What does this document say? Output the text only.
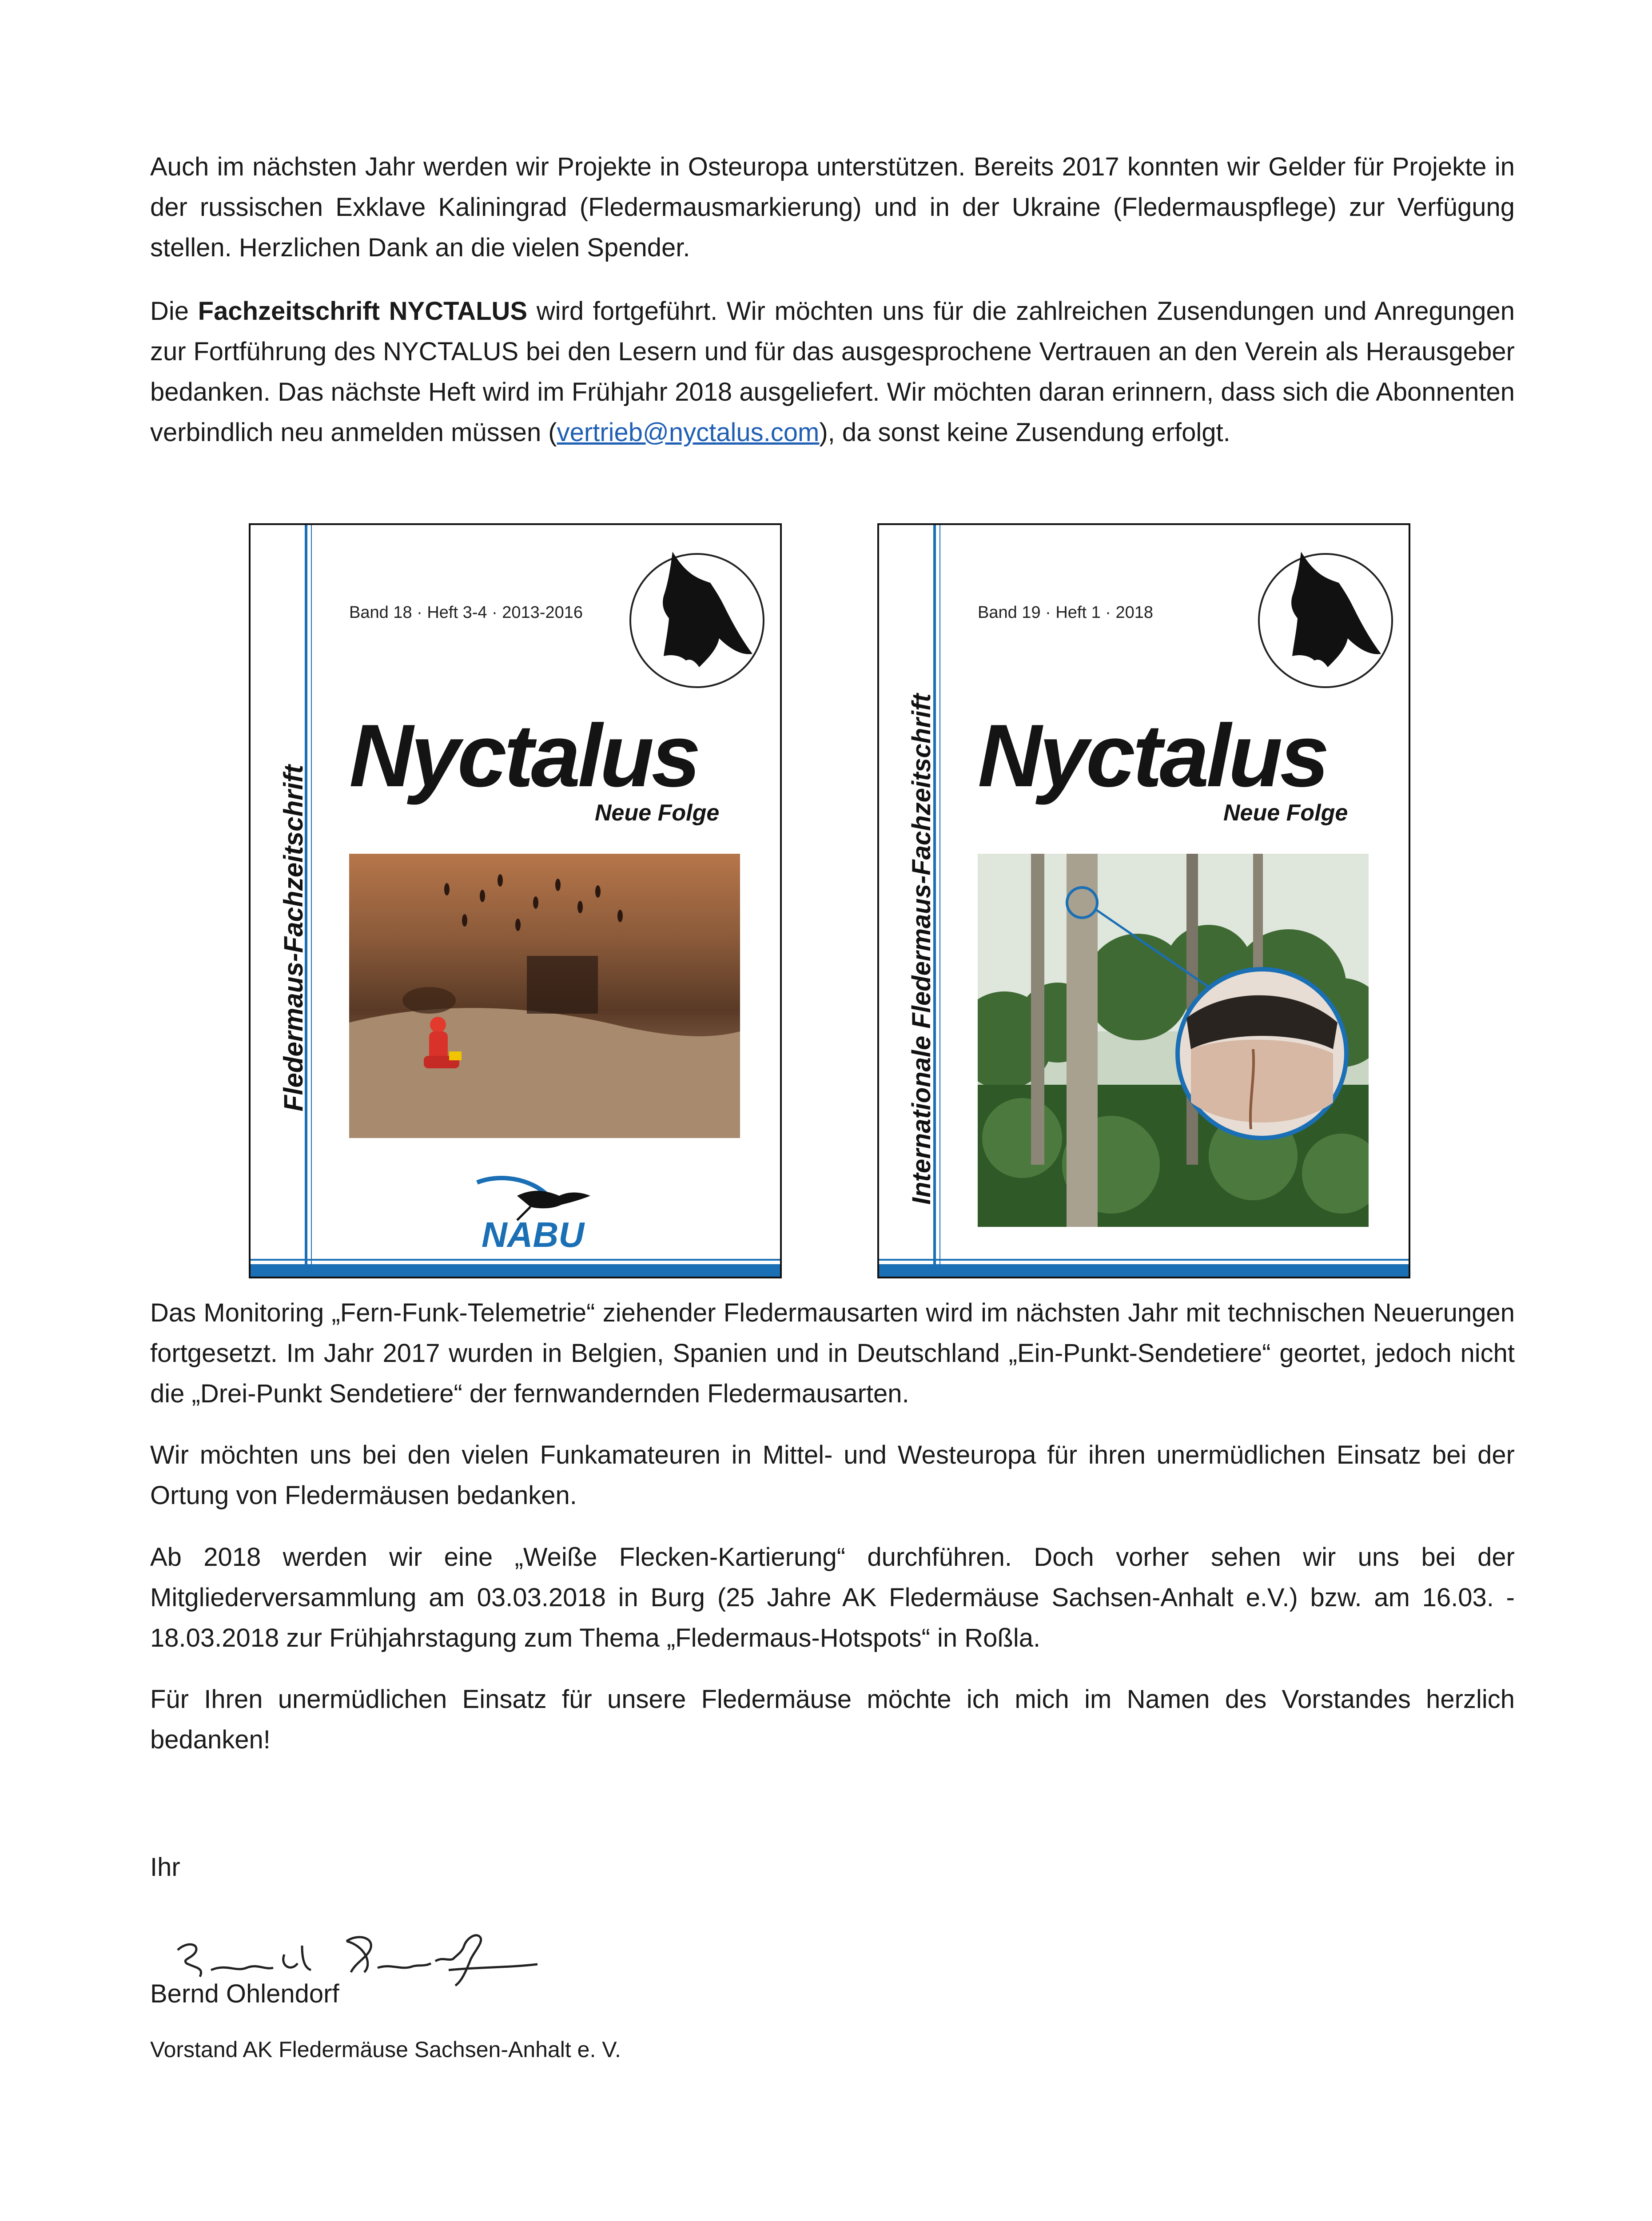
Auch im nächsten Jahr werden wir Projekte in Osteuropa unterstützen. Bereits 2017 konnten wir Gelder für Projekte in der russischen Exklave Kaliningrad (Fledermausmarkierung) und in der Ukraine (Fledermauspflege) zur Verfügung stellen. Herzlichen Dank an die vielen Spender.

Die Fachzeitschrift NYCTALUS wird fortgeführt. Wir möchten uns für die zahlreichen Zusendungen und Anregungen zur Fortführung des NYCTALUS bei den Lesern und für das ausgesprochene Vertrauen an den Verein als Herausgeber bedanken. Das nächste Heft wird im Frühjahr 2018 ausgeliefert. Wir möchten daran erinnern, dass sich die Abonnenten verbindlich neu anmelden müssen (vertrieb@nyctalus.com), da sonst keine Zusendung erfolgt.

Fledermaus-Fachzeitschrift
Band 18 · Heft 3-4 · 2013-2016
Nyctalus
Neue Folge
NABU
Internationale Fledermaus-Fachzeitschrift
Band 19 · Heft 1 · 2018
Nyctalus
Neue Folge

Das Monitoring „Fern-Funk-Telemetrie“ ziehender Fledermausarten wird im nächsten Jahr mit technischen Neuerungen fortgesetzt. Im Jahr 2017 wurden in Belgien, Spanien und in Deutschland „Ein-Punkt-Sendetiere“ geortet, jedoch nicht die „Drei-Punkt Sendetiere“ der fernwandernden Fledermausarten.

Wir möchten uns bei den vielen Funkamateuren in Mittel- und Westeuropa für ihren unermüdlichen Einsatz bei der Ortung von Fledermäusen bedanken.

Ab 2018 werden wir eine „Weiße Flecken-Kartierung“ durchführen. Doch vorher sehen wir uns bei der Mitgliederversammlung am 03.03.2018 in Burg (25 Jahre AK Fledermäuse Sachsen-Anhalt e.V.) bzw. am 16.03. - 18.03.2018 zur Frühjahrstagung zum Thema „Fledermaus-Hotspots“ in Roßla.

Für Ihren unermüdlichen Einsatz für unsere Fledermäuse möchte ich mich im Namen des Vorstandes herzlich bedanken!

Ihr

Bernd Ohlendorf

Vorstand AK Fledermäuse Sachsen-Anhalt e. V.
